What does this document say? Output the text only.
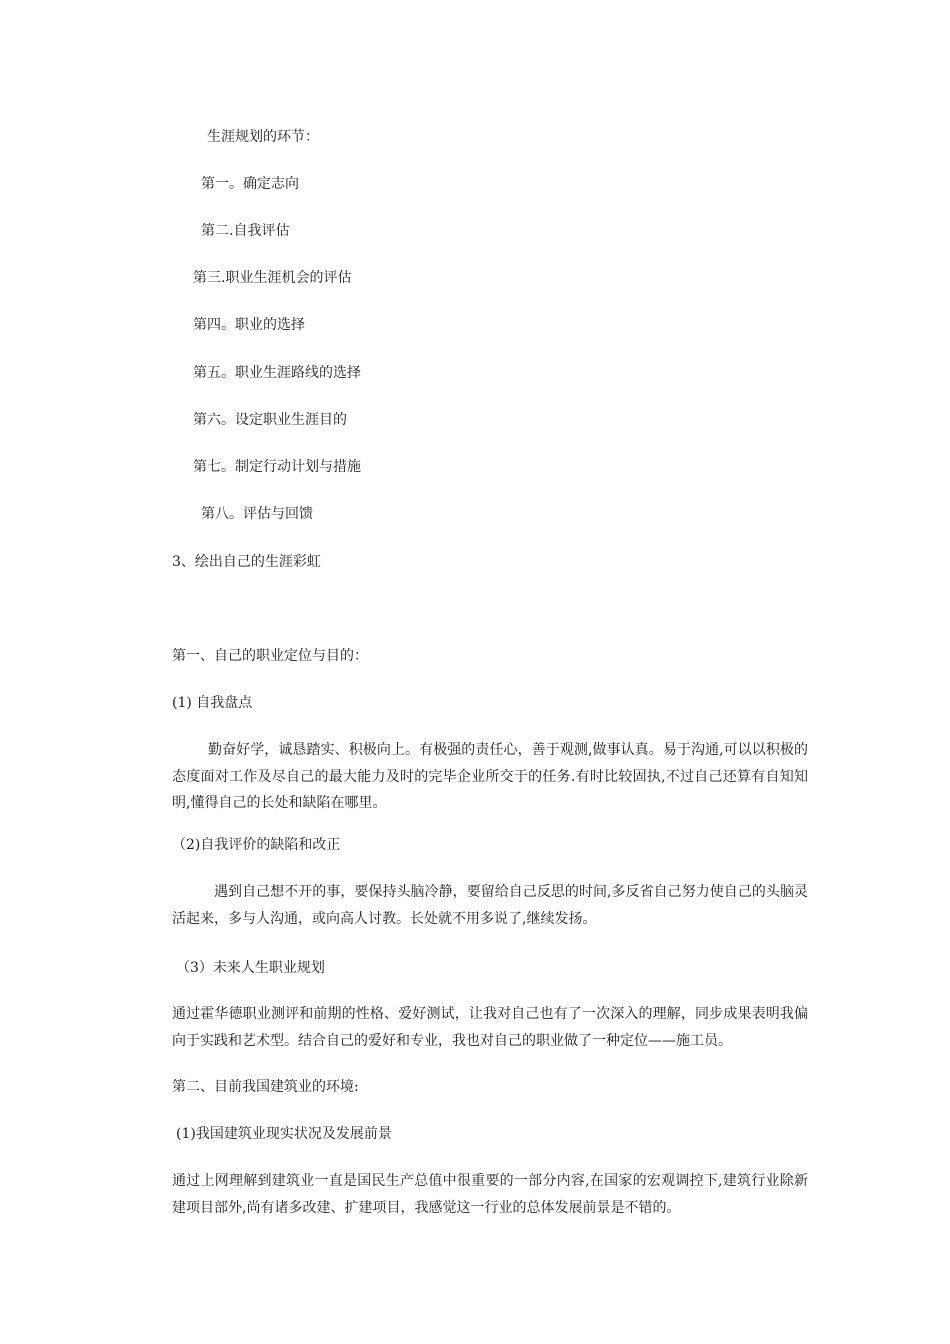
生涯规划的环节：

第一。确定志向

第二.自我评估

第三.职业生涯机会的评估

第四。职业的选择

第五。职业生涯路线的选择

第六。设定职业生涯目的

第七。制定行动计划与措施

第八。评估与回馈

3、绘出自己的生涯彩虹

第一、自己的职业定位与目的：

(1) 自我盘点

勤奋好学，诚恳踏实、积极向上。有极强的责任心，善于观测,做事认真。易于沟通,可以以积极的态度面对工作及尽自己的最大能力及时的完毕企业所交于的任务.有时比较固执,不过自己还算有自知知明,懂得自己的长处和缺陷在哪里。

（2)自我评价的缺陷和改正

遇到自己想不开的事，要保持头脑冷静，要留给自己反思的时间,多反省自己努力使自己的头脑灵活起来，多与人沟通，或向高人讨教。长处就不用多说了,继续发扬。

（3）未来人生职业规划

通过霍华德职业测评和前期的性格、爱好测试，让我对自己也有了一次深入的理解，同步成果表明我偏向于实践和艺术型。结合自己的爱好和专业，我也对自己的职业做了一种定位——施工员。

第二、目前我国建筑业的环境:

(1)我国建筑业现实状况及发展前景

通过上网理解到建筑业一直是国民生产总值中很重要的一部分内容,在国家的宏观调控下,建筑行业除新建项目部外,尚有诸多改建、扩建项目，我感觉这一行业的总体发展前景是不错的。
